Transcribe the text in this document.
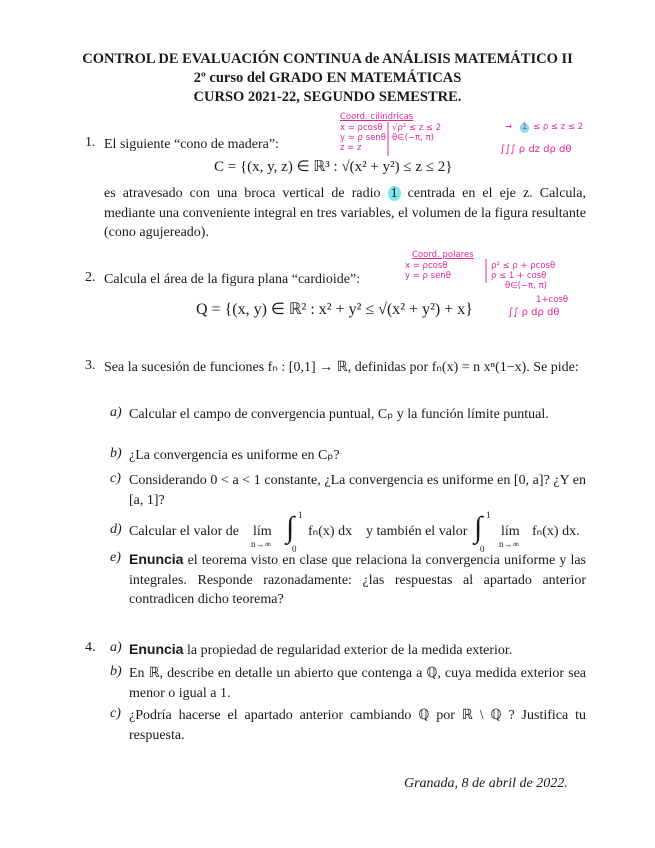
CONTROL DE EVALUACIÓN CONTINUA de ANÁLISIS MATEMÁTICO II
2º curso del GRADO EN MATEMÁTICAS
CURSO 2021-22, SEGUNDO SEMESTRE.
1. El siguiente “cono de madera”:
C = {(x, y, z) ∈ ℝ³ : √(x² + y²) ≤ z ≤ 2}
es atravesado con una broca vertical de radio 1 centrada en el eje z. Calcula, mediante una conveniente integral en tres variables, el volumen de la figura resultante (cono agujereado).
Coord. cilíndricas
x = ρcosθ
y = ρ senθ
z = z
√ρ² ≤ z ≤ 2
θ∈(−π, π)
→ 1 ≤ ρ ≤ z ≤ 2
∫∫∫ ρ dz dρ dθ
2. Calcula el área de la figura plana “cardioide”:
Q = {(x, y) ∈ ℝ² : x² + y² ≤ √(x² + y²) + x}
Coord. polares
x = ρcosθ
y = ρ senθ
ρ² ≤ ρ + ρcosθ
ρ ≤ 1 + cosθ
θ∈(−π, π)
1+cosθ
∫∫ ρ dρ dθ
3. Sea la sucesión de funciones fₙ : [0,1] → ℝ, definidas por fₙ(x) = n xⁿ(1−x). Se pide:
a) Calcular el campo de convergencia puntual, Cₚ y la función límite puntual.
b) ¿La convergencia es uniforme en Cₚ?
c) Considerando 0 < a < 1 constante, ¿La convergencia es uniforme en [0, a]? ¿Y en [a, 1]?
d) Calcular el valor de lím
n→∞ ∫ 1
0
fₙ(x) dx y también el valor ∫ 1
0
lím
n→∞
fₙ(x) dx.
e) Enuncia el teorema visto en clase que relaciona la convergencia uniforme y las integrales. Responde razonadamente: ¿las respuestas al apartado anterior contradicen dicho teorema?
4. a) Enuncia la propiedad de regularidad exterior de la medida exterior.
b) En ℝ, describe en detalle un abierto que contenga a ℚ, cuya medida exterior sea menor o igual a 1.
c) ¿Podría hacerse el apartado anterior cambiando ℚ por ℝ \ ℚ ? Justifica tu respuesta.
Granada, 8 de abril de 2022.
